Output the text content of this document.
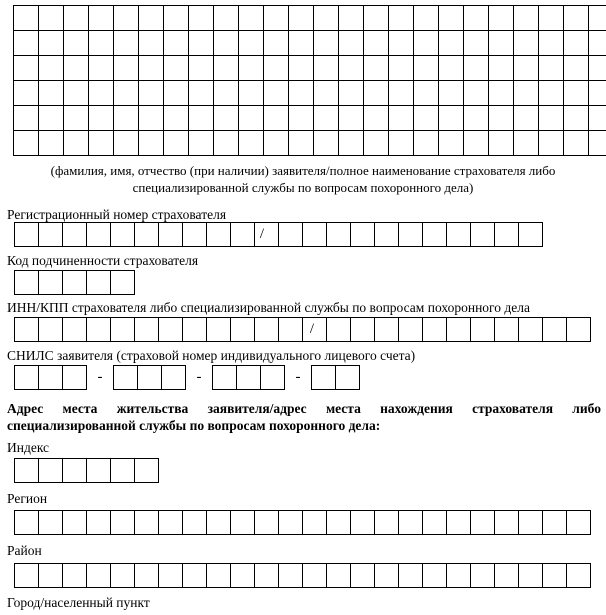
(фамилия, имя, отчество (при наличии) заявителя/полное наименование страхователя либо
специализированной службы по вопросам похоронного дела)
Регистрационный номер страхователя
/
Код подчиненности страхователя
ИНН/КПП страхователя либо специализированной службы по вопросам похоронного дела
/
СНИЛС заявителя (страховой номер индивидуального лицевого счета)
-	-	-
Адрес места жительства заявителя/адрес места нахождения страхователя либо
специализированной службы по вопросам похоронного дела:
Индекс
Регион
Район
Город/населенный пункт
